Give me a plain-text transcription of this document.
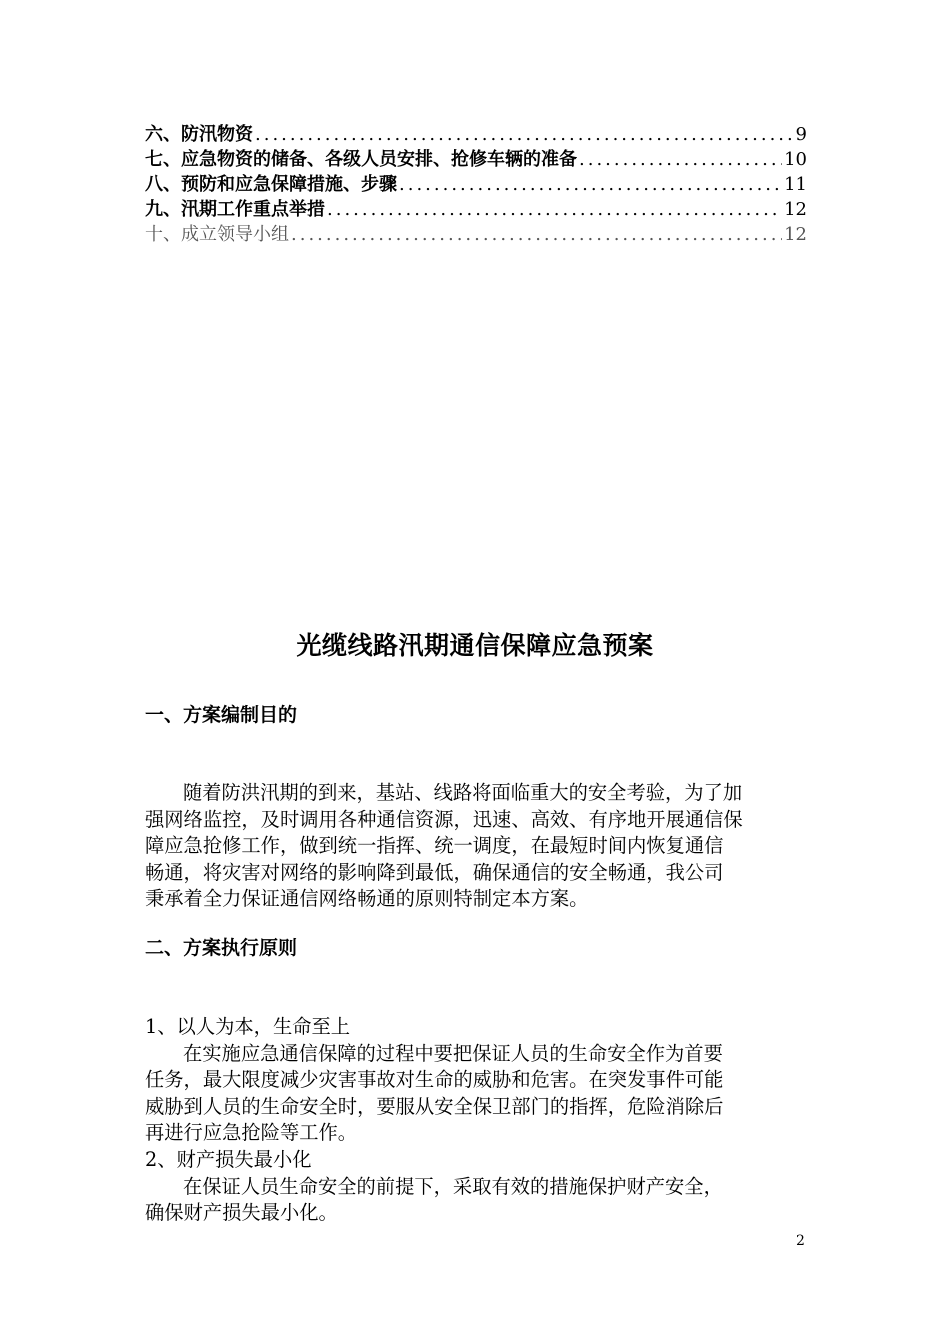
六、防汛物资 .....	9
七、应急物资的储备、各级人员安排、抢修车辆的准备 .....	10
八、预防和应急保障措施、步骤 .....	11
九、汛期工作重点举措 .....	12
十、成立领导小组 .....	12
光缆线路汛期通信保障应急预案
一、方案编制目的

随着防洪汛期的到来，基站、线路将面临重大的安全考验，为了加

强网络监控，及时调用各种通信资源，迅速、高效、有序地开展通信保

障应急抢修工作，做到统一指挥、统一调度，在最短时间内恢复通信

畅通，将灾害对网络的影响降到最低，确保通信的安全畅通，我公司

秉承着全力保证通信网络畅通的原则特制定本方案。

二、方案执行原则

1、以人为本，生命至上

在实施应急通信保障的过程中要把保证人员的生命安全作为首要

任务，最大限度减少灾害事故对生命的威胁和危害。在突发事件可能

威胁到人员的生命安全时，要服从安全保卫部门的指挥，危险消除后

再进行应急抢险等工作。

2、财产损失最小化

在保证人员生命安全的前提下，采取有效的措施保护财产安全，

确保财产损失最小化。

2
